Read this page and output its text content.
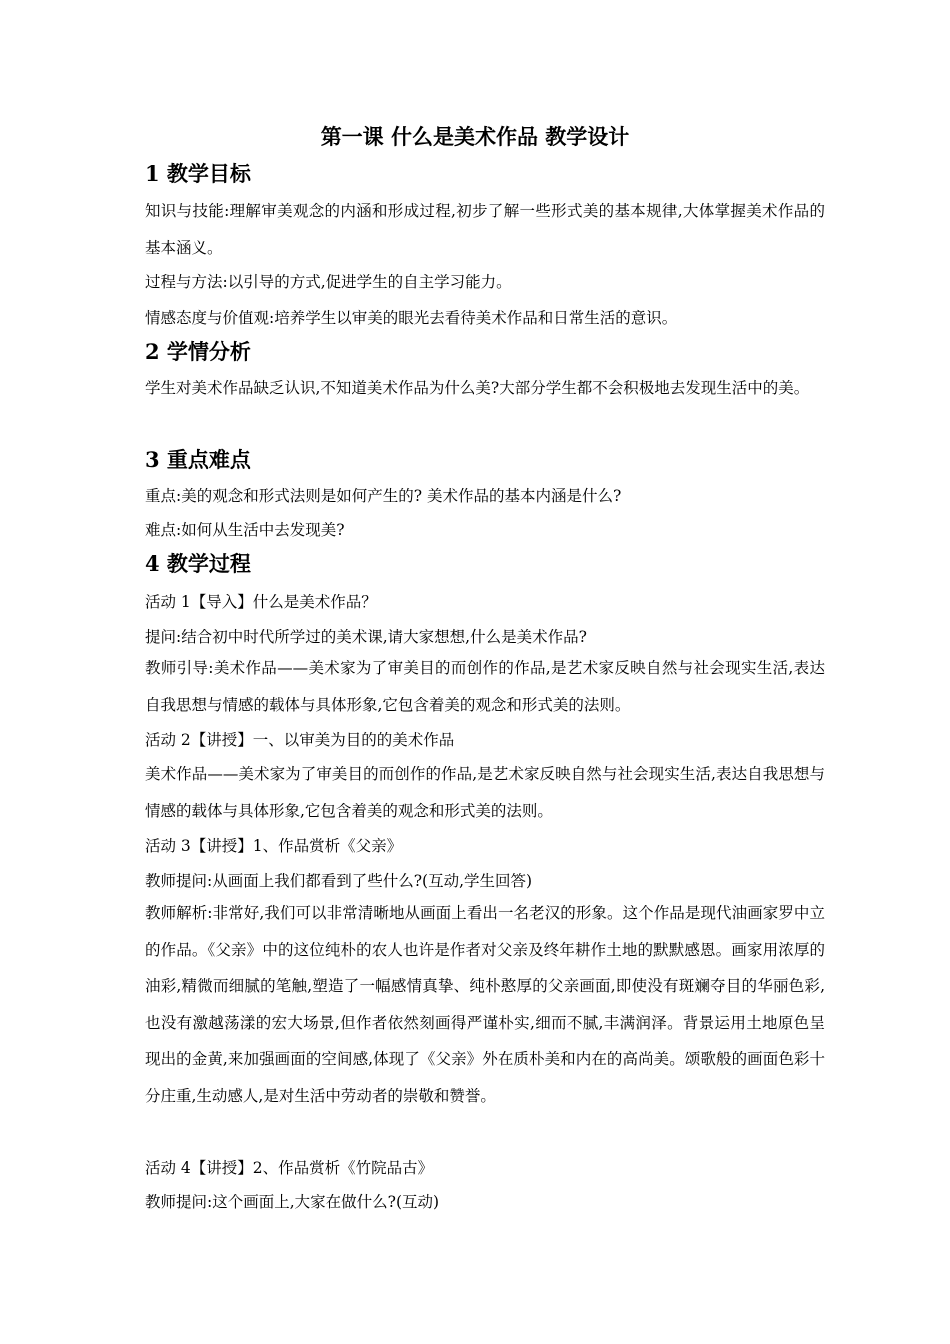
第一课 什么是美术作品 教学设计
1 教学目标
知识与技能:理解审美观念的内涵和形成过程,初步了解一些形式美的基本规律,大体掌握美术作品的基本涵义。
过程与方法:以引导的方式,促进学生的自主学习能力。
情感态度与价值观:培养学生以审美的眼光去看待美术作品和日常生活的意识。
2 学情分析
学生对美术作品缺乏认识,不知道美术作品为什么美?大部分学生都不会积极地去发现生活中的美。
3 重点难点
重点:美的观念和形式法则是如何产生的? 美术作品的基本内涵是什么?
难点:如何从生活中去发现美?
4 教学过程
活动 1【导入】什么是美术作品？
提问:结合初中时代所学过的美术课,请大家想想,什么是美术作品?
教师引导:美术作品——美术家为了审美目的而创作的作品,是艺术家反映自然与社会现实生活,表达自我思想与情感的载体与具体形象,它包含着美的观念和形式美的法则。
活动 2【讲授】一、以审美为目的的美术作品
美术作品——美术家为了审美目的而创作的作品,是艺术家反映自然与社会现实生活,表达自我思想与情感的载体与具体形象,它包含着美的观念和形式美的法则。
活动 3【讲授】1、作品赏析《父亲》
教师提问:从画面上我们都看到了些什么?(互动,学生回答)
教师解析:非常好,我们可以非常清晰地从画面上看出一名老汉的形象。这个作品是现代油画家罗中立的作品。《父亲》中的这位纯朴的农人也许是作者对父亲及终年耕作土地的默默感恩。画家用浓厚的油彩,精微而细腻的笔触,塑造了一幅感情真挚、纯朴憨厚的父亲画面,即使没有斑斓夺目的华丽色彩,也没有激越荡漾的宏大场景,但作者依然刻画得严谨朴实,细而不腻,丰满润泽。背景运用土地原色呈现出的金黄,来加强画面的空间感,体现了《父亲》外在质朴美和内在的高尚美。颂歌般的画面色彩十分庄重,生动感人,是对生活中劳动者的崇敬和赞誉。
活动 4【讲授】2、作品赏析《竹院品古》
教师提问:这个画面上,大家在做什么?(互动)
